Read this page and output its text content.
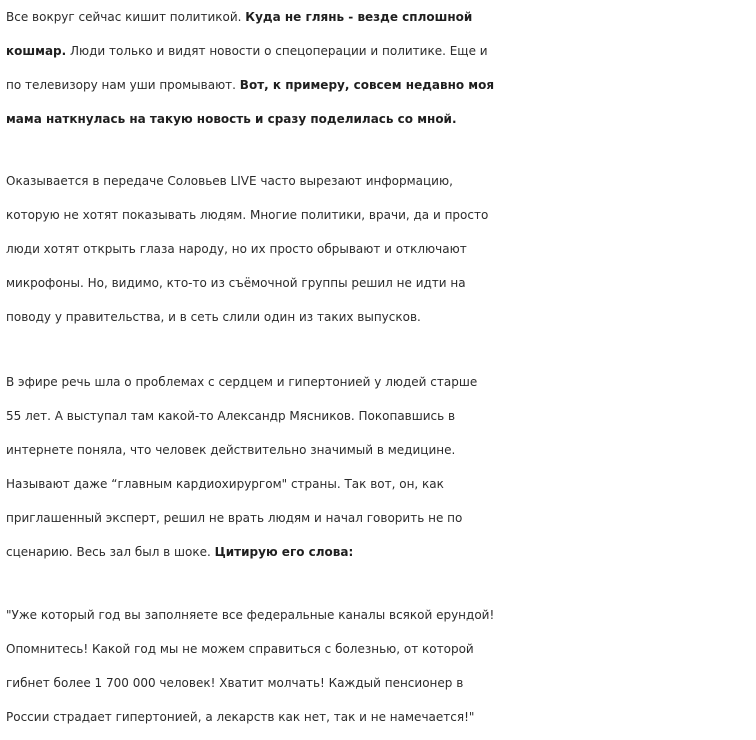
Все вокруг сейчас кишит политикой. Куда не глянь - везде сплошной
кошмар. Люди только и видят новости о спецоперации и политике. Еще и
по телевизору нам уши промывают. Вот, к примеру, совсем недавно моя
мама наткнулась на такую новость и сразу поделилась со мной.
Оказывается в передаче Соловьев LIVE часто вырезают информацию,
которую не хотят показывать людям. Многие политики, врачи, да и просто
люди хотят открыть глаза народу, но их просто обрывают и отключают
микрофоны. Но, видимо, кто-то из съёмочной группы решил не идти на
поводу у правительства, и в сеть слили один из таких выпусков.
В эфире речь шла о проблемах с сердцем и гипертонией у людей старше
55 лет. А выступал там какой-то Александр Мясников. Покопавшись в
интернете поняла, что человек действительно значимый в медицине.
Называют даже “главным кардиохирургом" страны. Так вот, он, как
приглашенный эксперт, решил не врать людям и начал говорить не по
сценарию. Весь зал был в шоке. Цитирую его слова:
"Уже который год вы заполняете все федеральные каналы всякой ерундой!
Опомнитесь! Какой год мы не можем справиться с болезнью, от которой
гибнет более 1 700 000 человек! Хватит молчать! Каждый пенсионер в
России страдает гипертонией, а лекарств как нет, так и не намечается!"
